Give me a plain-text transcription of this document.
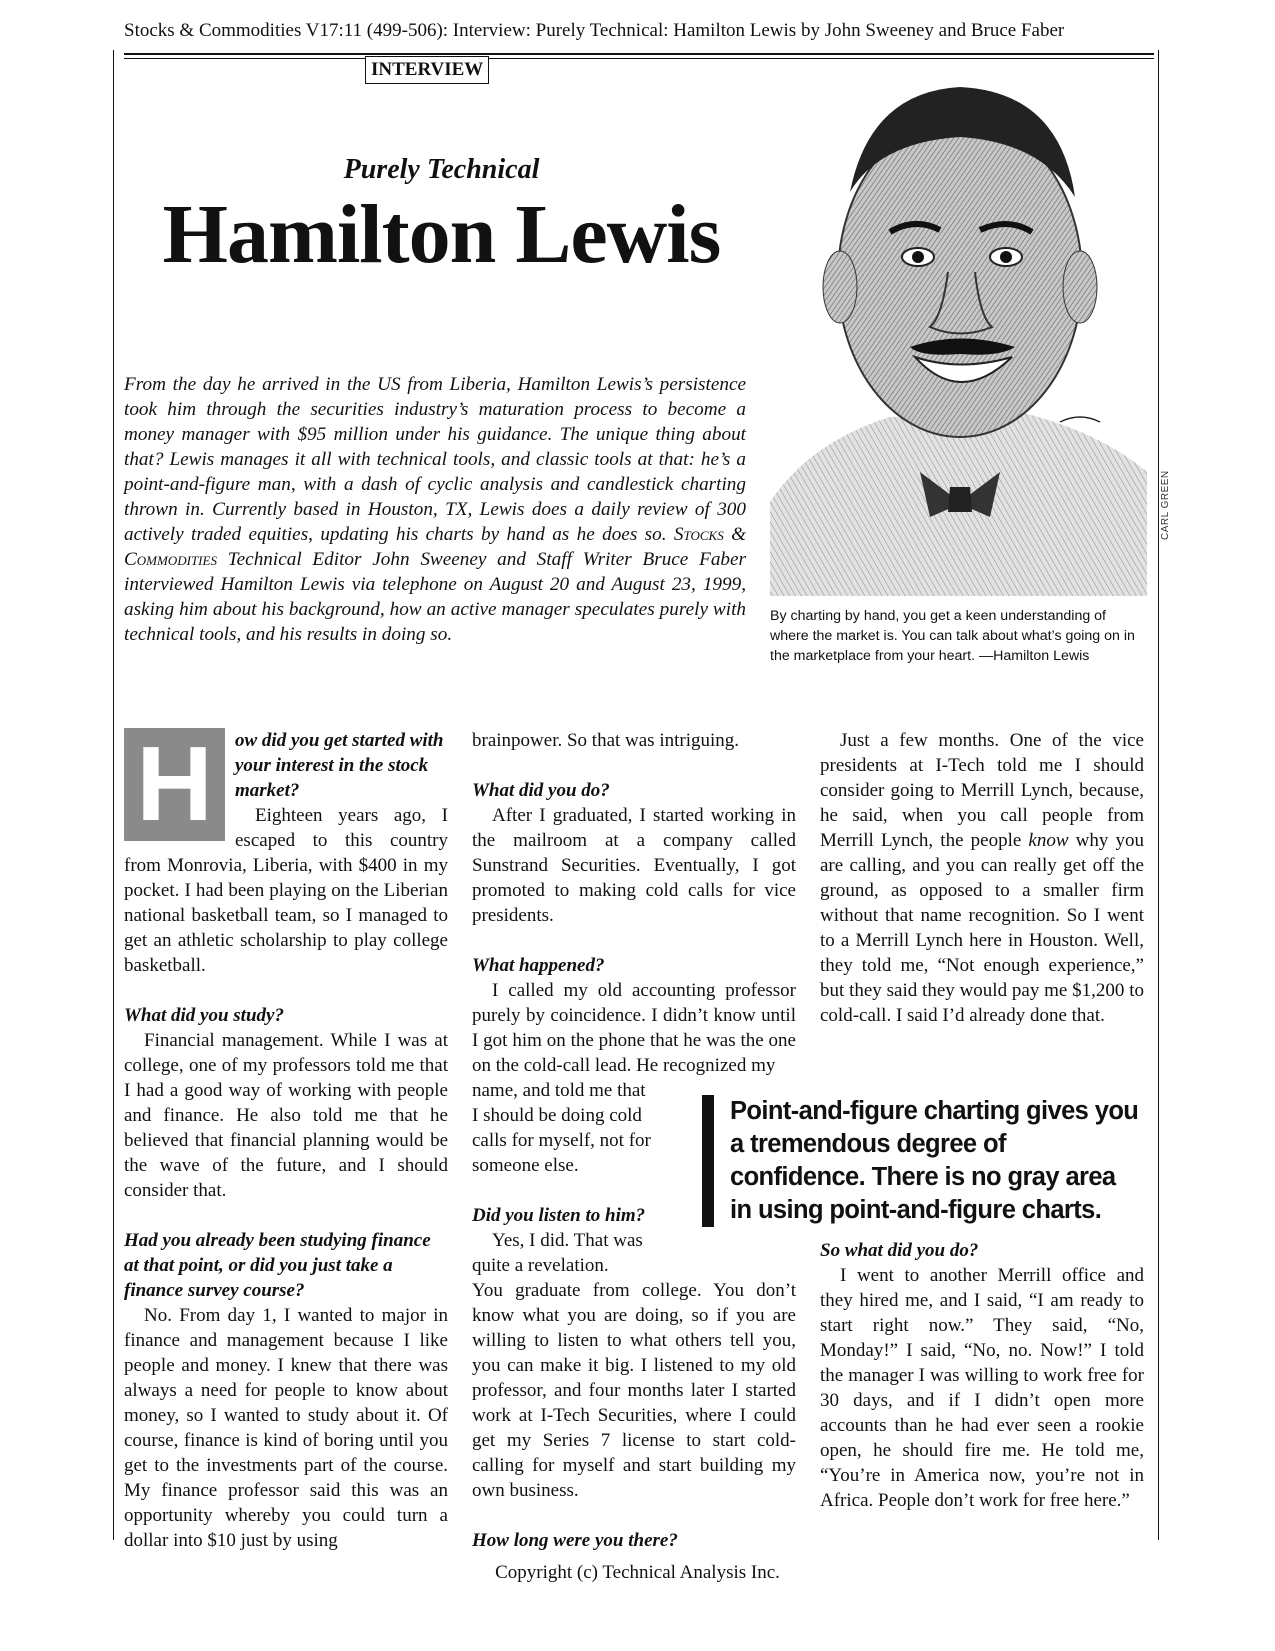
Stocks & Commodities V17:11 (499-506): Interview: Purely Technical: Hamilton Lewis by John Sweeney and Bruce Faber
INTERVIEW
Purely Technical
Hamilton Lewis
From the day he arrived in the US from Liberia, Hamilton Lewis’s persistence took him through the securities industry’s maturation process to become a money manager with $95 million under his guidance. The unique thing about that? Lewis manages it all with technical tools, and classic tools at that: he’s a point-and-figure man, with a dash of cyclic analysis and candlestick charting thrown in. Currently based in Houston, TX, Lewis does a daily review of 300 actively traded equities, updating his charts by hand as he does so. Stocks & Commodities Technical Editor John Sweeney and Staff Writer Bruce Faber interviewed Hamilton Lewis via telephone on August 20 and August 23, 1999, asking him about his background, how an active manager speculates purely with technical tools, and his results in doing so.
CARL GREEN
By charting by hand, you get a keen understanding of where the market is. You can talk about what’s going on in the marketplace from your heart. —Hamilton Lewis
H	ow did you get started with your interest in the stock market?

Eighteen years ago, I escaped to this country from Monrovia, Liberia, with $400 in my pocket. I had been playing on the Liberian national basketball team, so I managed to get an athletic scholarship to play college basketball.

What did you study?

Financial management. While I was at college, one of my professors told me that I had a good way of working with people and finance. He also told me that he believed that financial planning would be the wave of the future, and I should consider that.

Had you already been studying finance at that point, or did you just take a finance survey course?

No. From day 1, I wanted to major in finance and management because I like people and money. I knew that there was always a need for people to know about money, so I wanted to study about it. Of course, finance is kind of boring until you get to the investments part of the course. My finance professor said this was an opportunity whereby you could turn a dollar into $10 just by using

brainpower. So that was intriguing.

What did you do?

After I graduated, I started working in the mailroom at a company called Sunstrand Securities. Eventually, I got promoted to making cold calls for vice presidents.

What happened?

I called my old accounting professor purely by coincidence. I didn’t know until I got him on the phone that he was the one on the cold-call lead. He recognized my

name, and told me that I should be doing cold calls for myself, not for someone else.

Did you listen to him?

Yes, I did. That was quite a revelation.

You graduate from college. You don’t know what you are doing, so if you are willing to listen to what others tell you, you can make it big. I listened to my old professor, and four months later I started work at I-Tech Securities, where I could get my Series 7 license to start cold-calling for myself and start building my own business.

How long were you there?

Just a few months. One of the vice presidents at I-Tech told me I should consider going to Merrill Lynch, because, he said, when you call people from Merrill Lynch, the people know why you are calling, and you can really get off the ground, as opposed to a smaller firm without that name recognition. So I went to a Merrill Lynch here in Houston. Well, they told me, “Not enough experience,” but they said they would pay me $1,200 to cold-call. I said I’d already done that.

So what did you do?

I went to another Merrill office and they hired me, and I said, “I am ready to start right now.” They said, “No, Monday!” I said, “No, no. Now!” I told the manager I was willing to work free for 30 days, and if I didn’t open more accounts than he had ever seen a rookie open, he should fire me. He told me, “You’re in America now, you’re not in Africa. People don’t work for free here.”

Point-and-figure charting gives you a tremendous degree of confidence. There is no gray area in using point-and-figure charts.
Copyright (c) Technical Analysis Inc.
